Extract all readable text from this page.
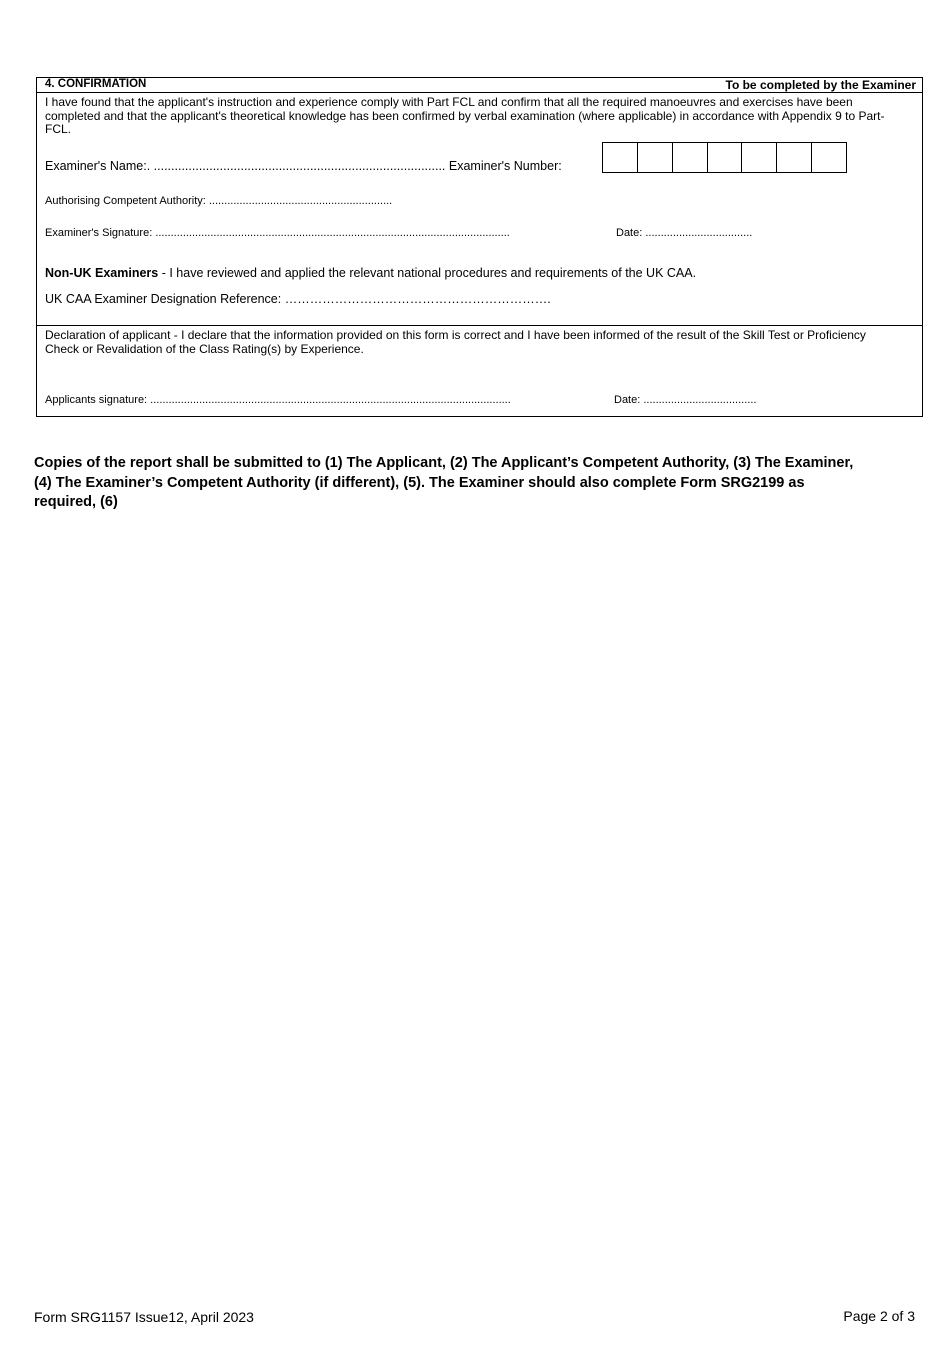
4. CONFIRMATION	To be completed by the Examiner
I have found that the applicant's instruction and experience comply with Part FCL and confirm that all the required manoeuvres and exercises have been completed and that the applicant's theoretical knowledge has been confirmed by verbal examination (where applicable) in accordance with Appendix 9 to Part-FCL.
Examiner's Name:. .................................................................................... Examiner's Number:
Authorising Competent Authority: ............................................................
Examiner's Signature: ....................................................................................................................	Date: ...................................
Non-UK Examiners - I have reviewed and applied the relevant national procedures and requirements of the UK CAA.
UK CAA Examiner Designation Reference: ……………………………………………………….
Declaration of applicant - I declare that the information provided on this form is correct and I have been informed of the result of the Skill Test or Proficiency Check or Revalidation of the Class Rating(s) by Experience.
Applicants signature: ......................................................................................................................	Date: .....................................
Copies of the report shall be submitted to (1) The Applicant, (2) The Applicant’s Competent Authority, (3) The Examiner, (4) The Examiner’s Competent Authority (if different), (5). The Examiner should also complete Form SRG2199 as required, (6)
Form SRG1157 Issue12, April 2023	Page 2 of 3
